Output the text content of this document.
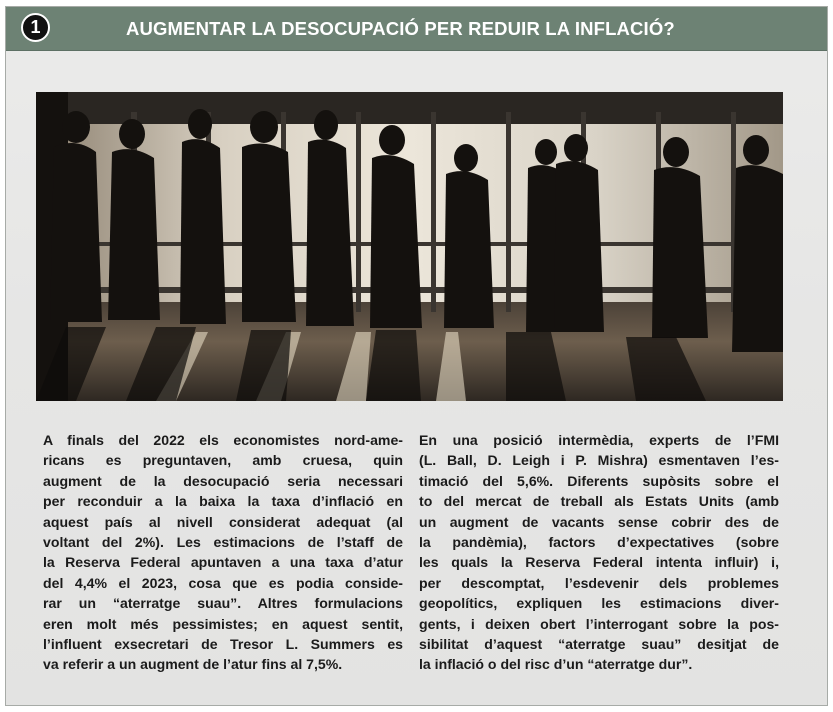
1	AUGMENTAR LA DESOCUPACIÓ PER REDUIR LA INFLACIÓ?
A finals del 2022 els economistes nord-ame-
ricans es preguntaven, amb cruesa, quin
augment de la desocupació seria necessari
per reconduir a la baixa la taxa d’inflació en
aquest país al nivell considerat adequat (al
voltant del 2%). Les estimacions de l’staff de
la Reserva Federal apuntaven a una taxa d’atur
del 4,4% el 2023, cosa que es podia conside-
rar un “aterratge suau”. Altres formulacions
eren molt més pessimistes; en aquest sentit,
l’influent exsecretari de Tresor L. Summers es
va referir a un augment de l’atur fins al 7,5%.
En una posició intermèdia, experts de l’FMI
(L. Ball, D. Leigh i P. Mishra) esmentaven l’es-
timació del 5,6%. Diferents supòsits sobre el
to del mercat de treball als Estats Units (amb
un augment de vacants sense cobrir des de
la pandèmia), factors d’expectatives (sobre
les quals la Reserva Federal intenta influir) i,
per descomptat, l’esdevenir dels problemes
geopolítics, expliquen les estimacions diver-
gents, i deixen obert l’interrogant sobre la pos-
sibilitat d’aquest “aterratge suau” desitjat de
la inflació o del risc d’un “aterratge dur”.
